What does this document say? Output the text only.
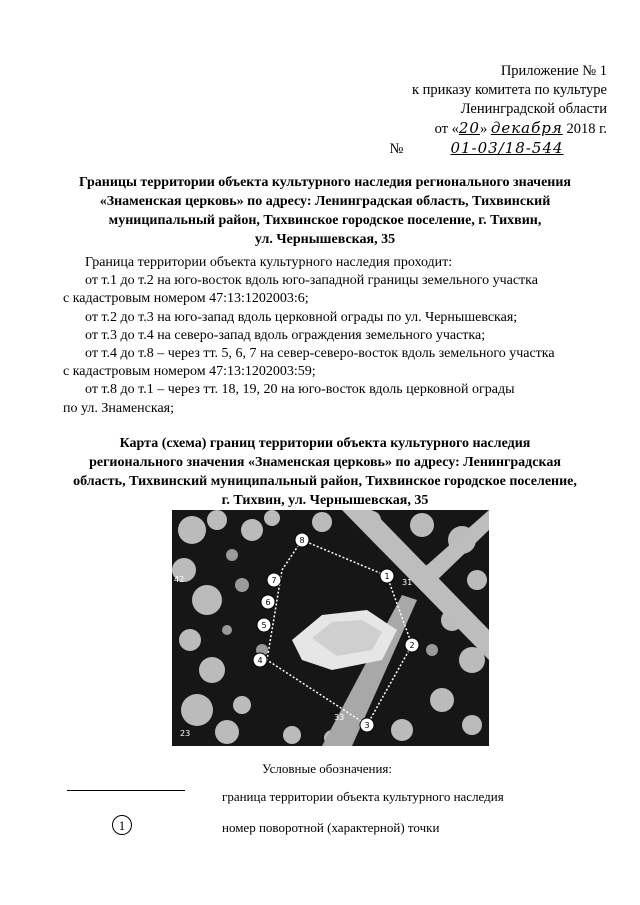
Приложение № 1
к приказу комитета по культуре
Ленинградской области
от «20» декабря 2018 г.
№	01-03/18-544
Границы территории объекта культурного наследия регионального значения
«Знаменская церковь» по адресу: Ленинградская область, Тихвинский
муниципальный район, Тихвинское городское поселение, г. Тихвин,
ул. Чернышевская, 35

Граница территории объекта культурного наследия проходит:

от т.1 до т.2 на юго-восток вдоль юго-западной границы земельного участка
с кадастровым номером 47:13:1202003:6;

от т.2 до т.3 на юго-запад вдоль церковной ограды по ул. Чернышевская;

от т.3 до т.4 на северо-запад вдоль ограждения земельного участка;

от т.4 до т.8 – через тт. 5, 6, 7 на север-северо-восток вдоль земельного участка
с кадастровым номером 47:13:1202003:59;

от т.8 до т.1 – через тт. 18, 19, 20 на юго-восток вдоль церковной ограды
по ул. Знаменская;

Карта (схема) границ территории объекта культурного наследия
регионального значения «Знаменская церковь» по адресу: Ленинградская
область, Тихвинский муниципальный район, Тихвинское городское поселение,
г. Тихвин, ул. Чернышевская, 35
1
2
3
4
5
6
7
8
42
23
33
31
Условные обозначения:
граница территории объекта культурного наследия
1	номер поворотной (характерной) точки
